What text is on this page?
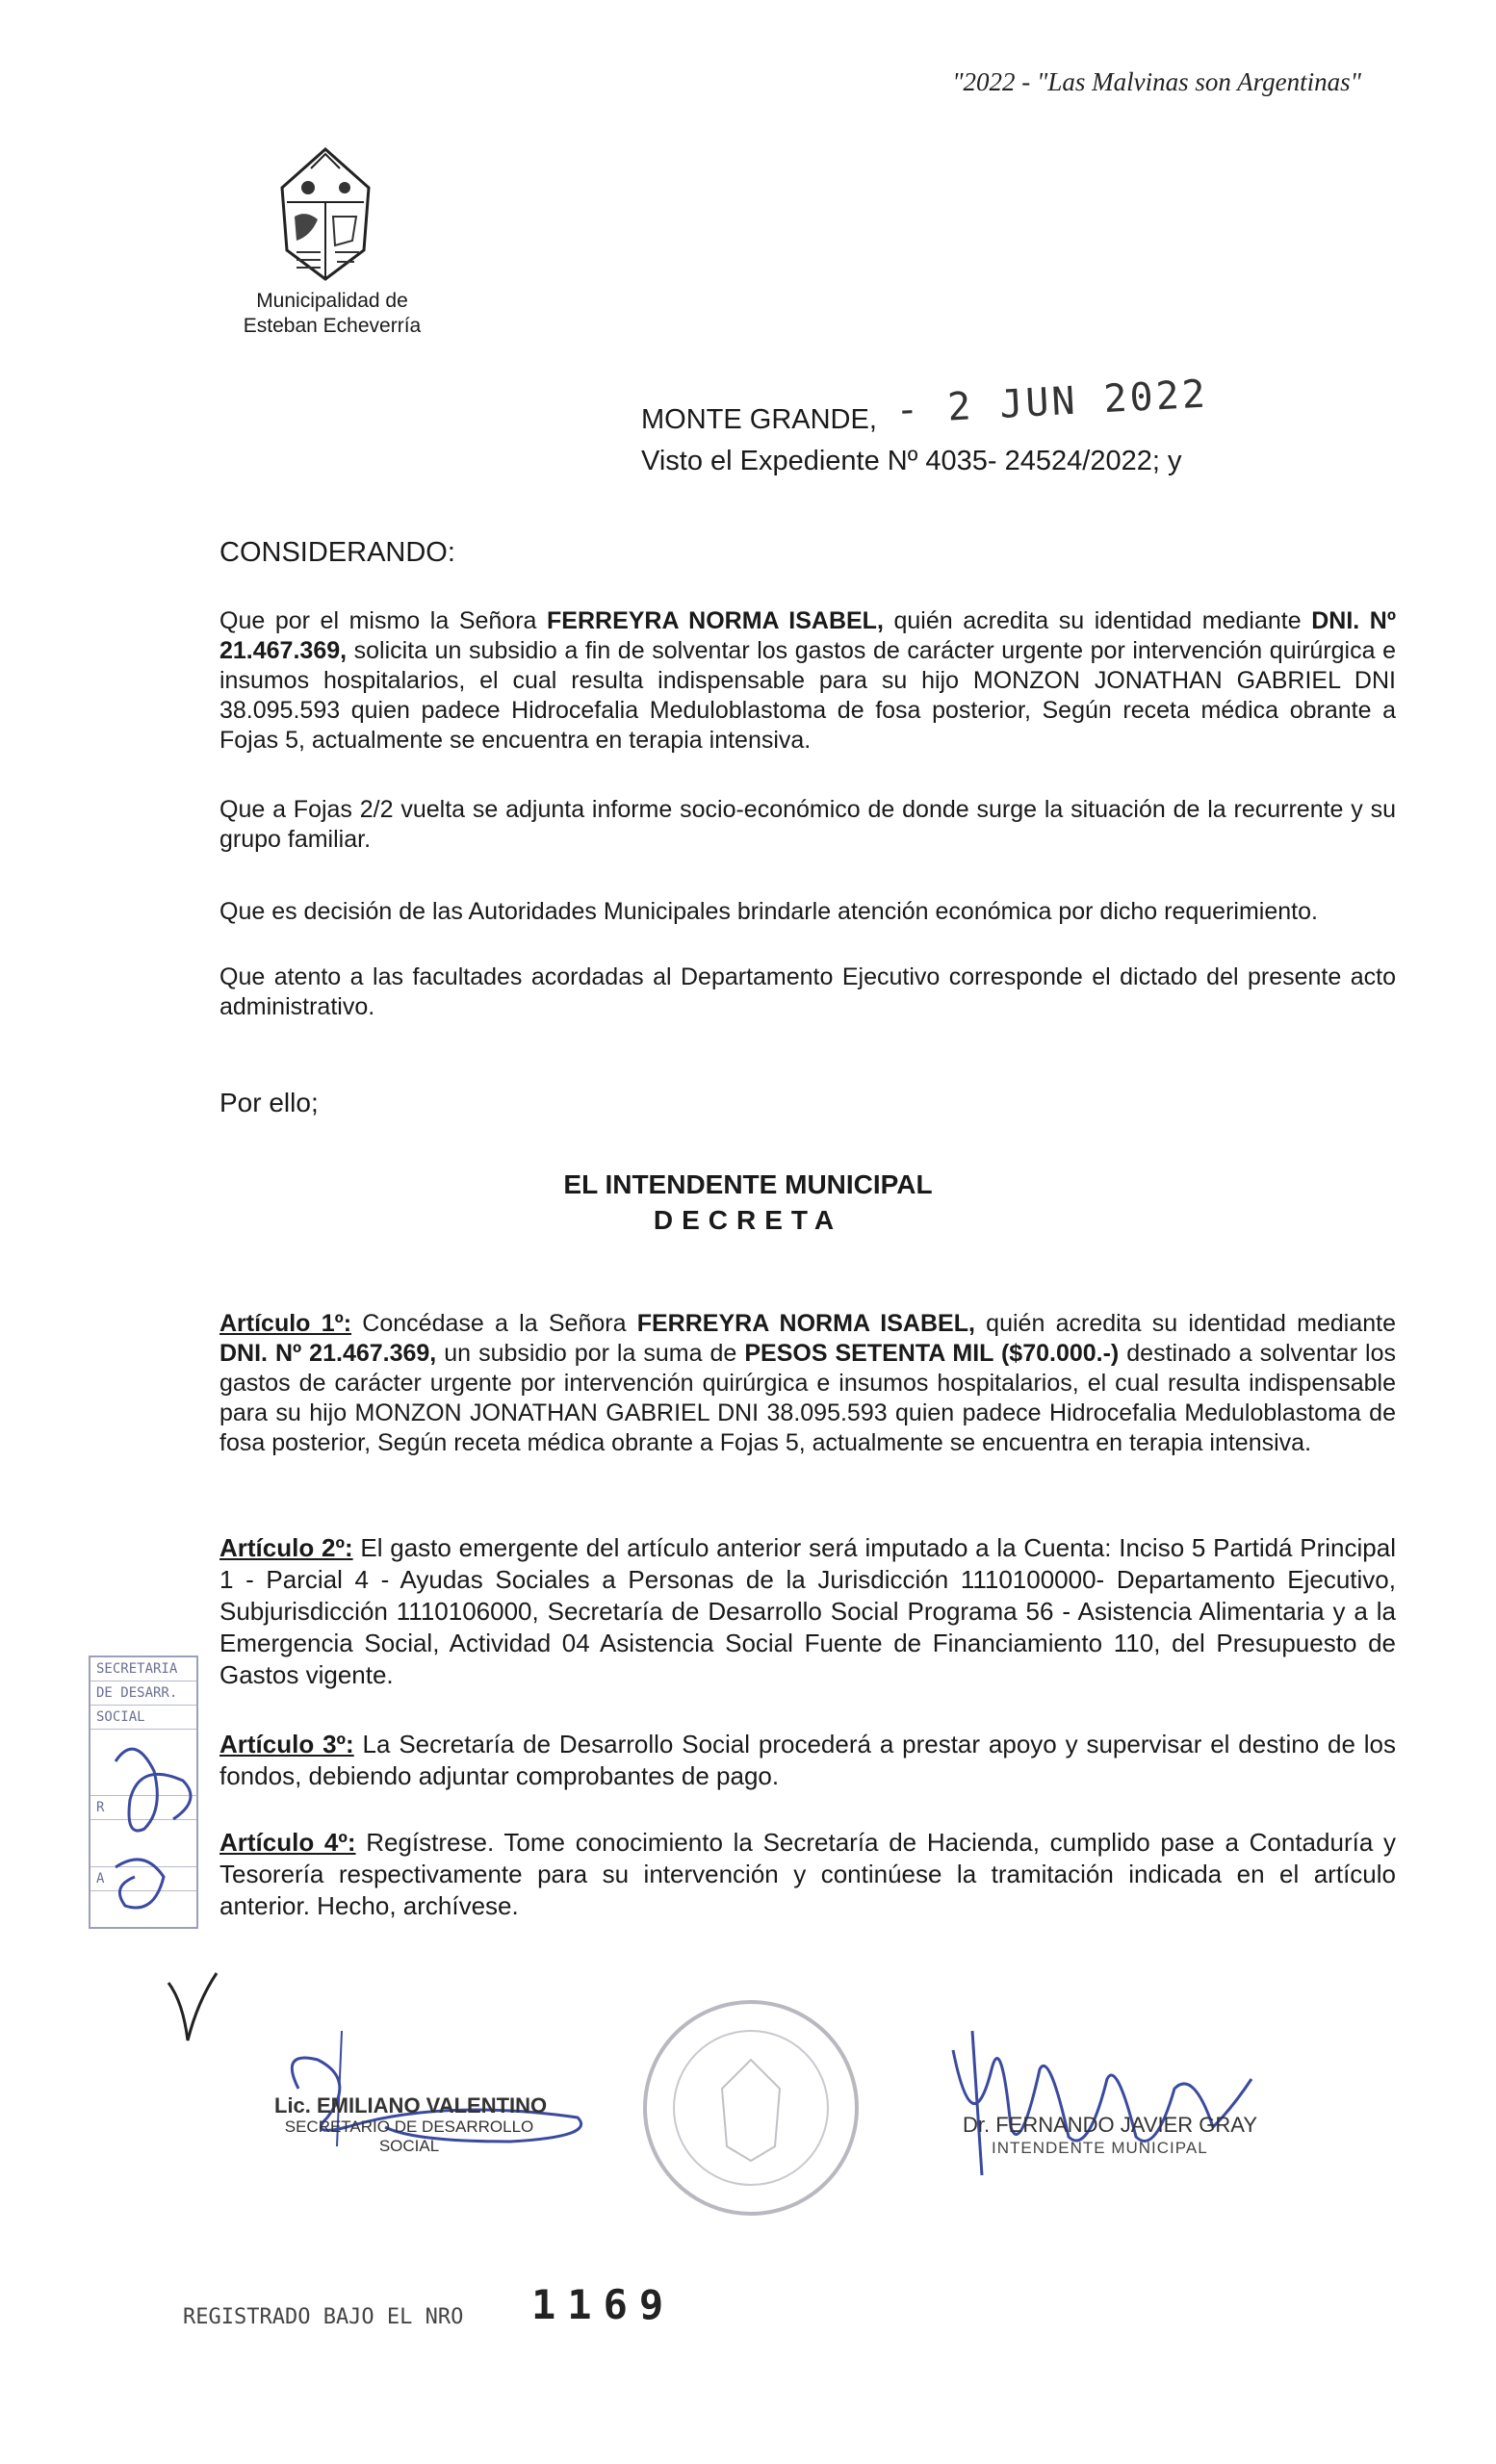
"2022 - "Las Malvinas son Argentinas"
Municipalidad de
Esteban Echeverría
MONTE GRANDE, - 2 JUN 2022
Visto el Expediente Nº 4035- 24524/2022; y
CONSIDERANDO:
Que por el mismo la Señora FERREYRA NORMA ISABEL, quién acredita su identidad mediante DNI. Nº 21.467.369, solicita un subsidio a fin de solventar los gastos de carácter urgente por intervención quirúrgica e insumos hospitalarios, el cual resulta indispensable para su hijo MONZON JONATHAN GABRIEL DNI 38.095.593 quien padece Hidrocefalia Meduloblastoma de fosa posterior, Según receta médica obrante a Fojas 5, actualmente se encuentra en terapia intensiva.
Que a Fojas 2/2 vuelta se adjunta informe socio-económico de donde surge la situación de la recurrente y su grupo familiar.
Que es decisión de las Autoridades Municipales brindarle atención económica por dicho requerimiento.
Que atento a las facultades acordadas al Departamento Ejecutivo corresponde el dictado del presente acto administrativo.
Por ello;
EL INTENDENTE MUNICIPAL
DECRETA
Artículo 1º: Concédase a la Señora FERREYRA NORMA ISABEL, quién acredita su identidad mediante DNI. Nº 21.467.369, un subsidio por la suma de PESOS SETENTA MIL ($70.000.-) destinado a solventar los gastos de carácter urgente por intervención quirúrgica e insumos hospitalarios, el cual resulta indispensable para su hijo MONZON JONATHAN GABRIEL DNI 38.095.593 quien padece Hidrocefalia Meduloblastoma de fosa posterior, Según receta médica obrante a Fojas 5, actualmente se encuentra en terapia intensiva.
Artículo 2º: El gasto emergente del artículo anterior será imputado a la Cuenta: Inciso 5 Partidá Principal 1 - Parcial 4 - Ayudas Sociales a Personas de la Jurisdicción 1110100000- Departamento Ejecutivo, Subjurisdicción 1110106000, Secretaría de Desarrollo Social Programa 56 - Asistencia Alimentaria y a la Emergencia Social, Actividad 04 Asistencia Social Fuente de Financiamiento 110, del Presupuesto de Gastos vigente.
Artículo 3º: La Secretaría de Desarrollo Social procederá a prestar apoyo y supervisar el destino de los fondos, debiendo adjuntar comprobantes de pago.
Artículo 4º: Regístrese. Tome conocimiento la Secretaría de Hacienda, cumplido pase a Contaduría y Tesorería respectivamente para su intervención y continúese la tramitación indicada en el artículo anterior. Hecho, archívese.
SECRETARIA
DE DESARR.
SOCIAL
R
A
Lic. EMILIANO VALENTINO
SECRETARIO DE DESARROLLO
SOCIAL
Dr. FERNANDO JAVIER GRAY
INTENDENTE MUNICIPAL
REGISTRADO BAJO EL NRO 1169
